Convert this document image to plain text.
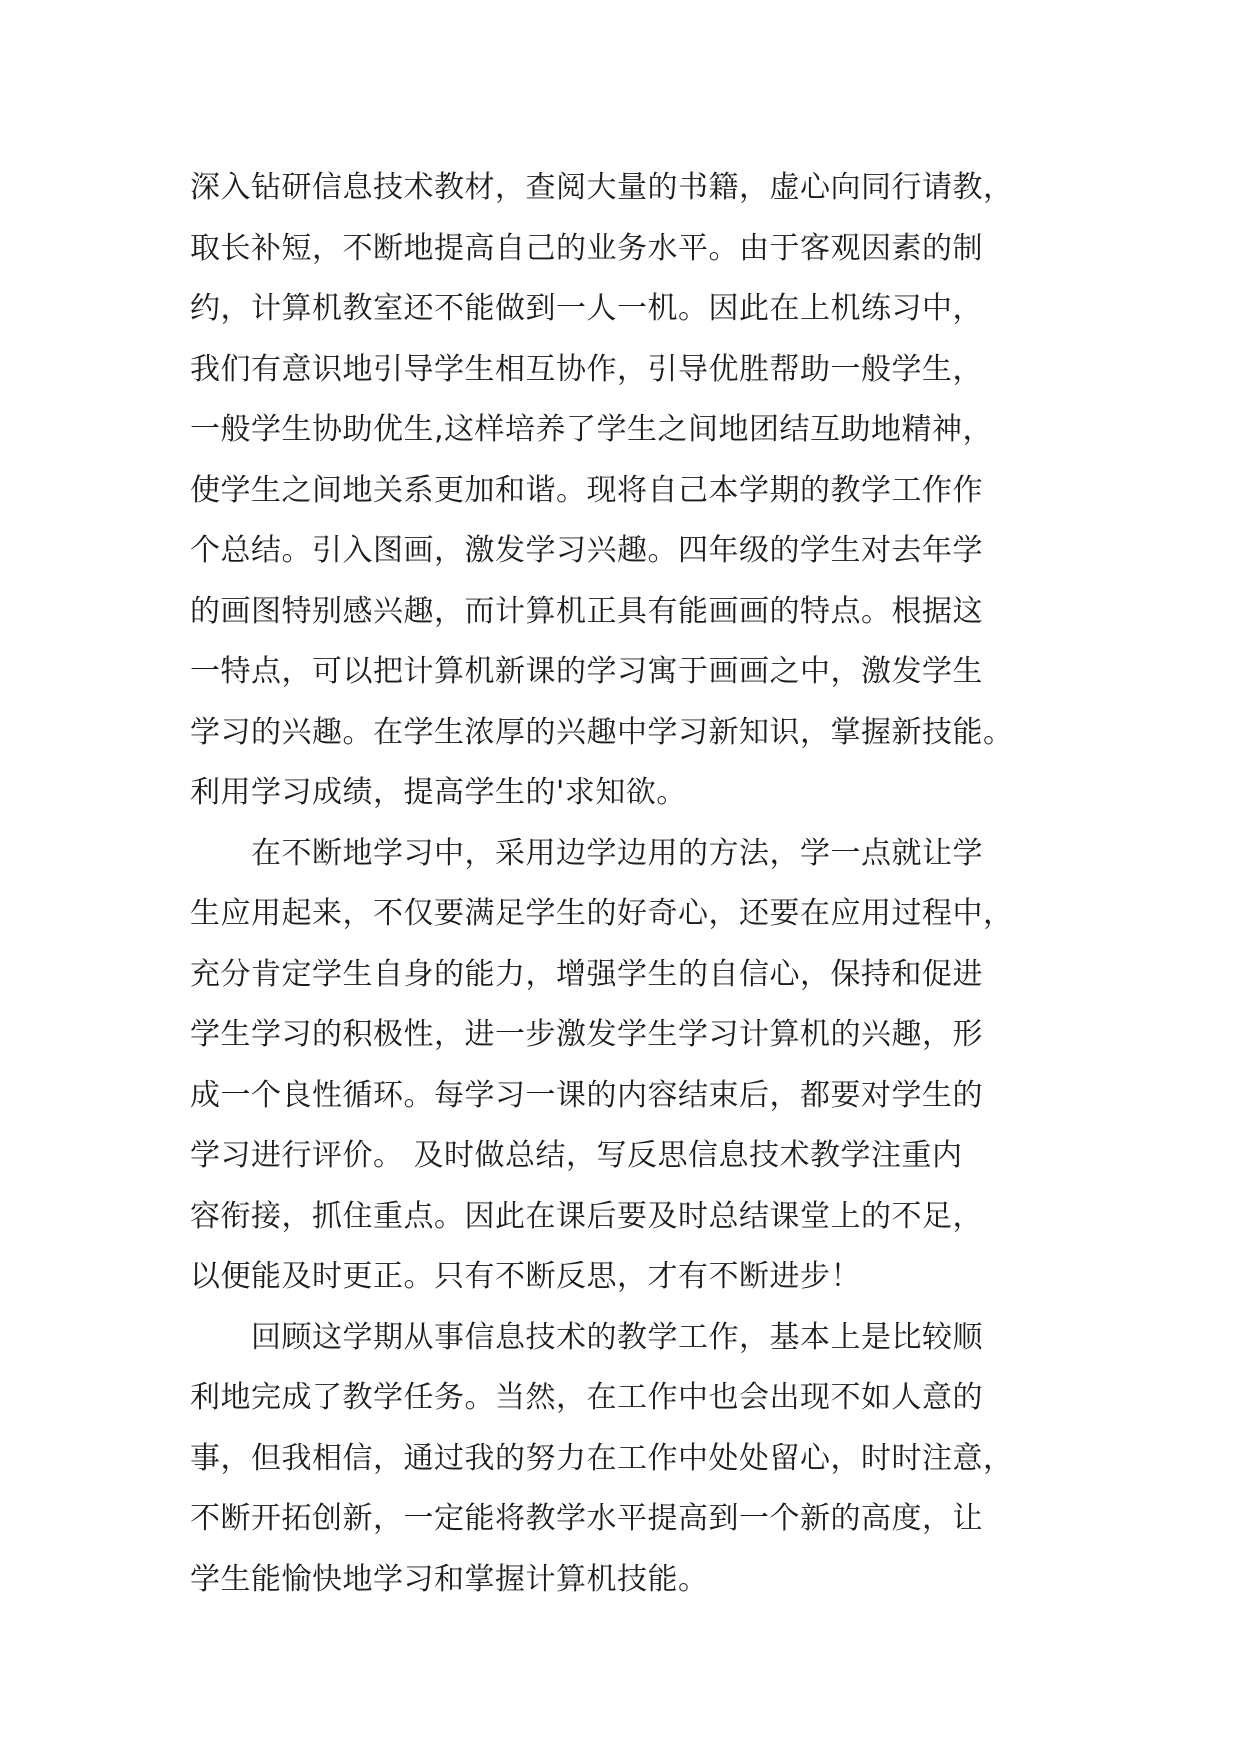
深入钻研信息技术教材，查阅大量的书籍，虚心向同行请教，
取长补短，不断地提高自己的业务水平。由于客观因素的制
约，计算机教室还不能做到一人一机。因此在上机练习中，
我们有意识地引导学生相互协作，引导优胜帮助一般学生，
一般学生协助优生,这样培养了学生之间地团结互助地精神，
使学生之间地关系更加和谐。现将自己本学期的教学工作作
个总结。引入图画，激发学习兴趣。四年级的学生对去年学
的画图特别感兴趣，而计算机正具有能画画的特点。根据这
一特点，可以把计算机新课的学习寓于画画之中，激发学生
学习的兴趣。在学生浓厚的兴趣中学习新知识，掌握新技能。
利用学习成绩，提高学生的'求知欲。
在不断地学习中，采用边学边用的方法，学一点就让学
生应用起来，不仅要满足学生的好奇心，还要在应用过程中，
充分肯定学生自身的能力，增强学生的自信心，保持和促进
学生学习的积极性，进一步激发学生学习计算机的兴趣，形
成一个良性循环。每学习一课的内容结束后，都要对学生的
学习进行评价。 及时做总结，写反思信息技术教学注重内
容衔接，抓住重点。因此在课后要及时总结课堂上的不足，
以便能及时更正。只有不断反思，才有不断进步！
回顾这学期从事信息技术的教学工作，基本上是比较顺
利地完成了教学任务。当然，在工作中也会出现不如人意的
事，但我相信，通过我的努力在工作中处处留心，时时注意，
不断开拓创新，一定能将教学水平提高到一个新的高度，让
学生能愉快地学习和掌握计算机技能。
